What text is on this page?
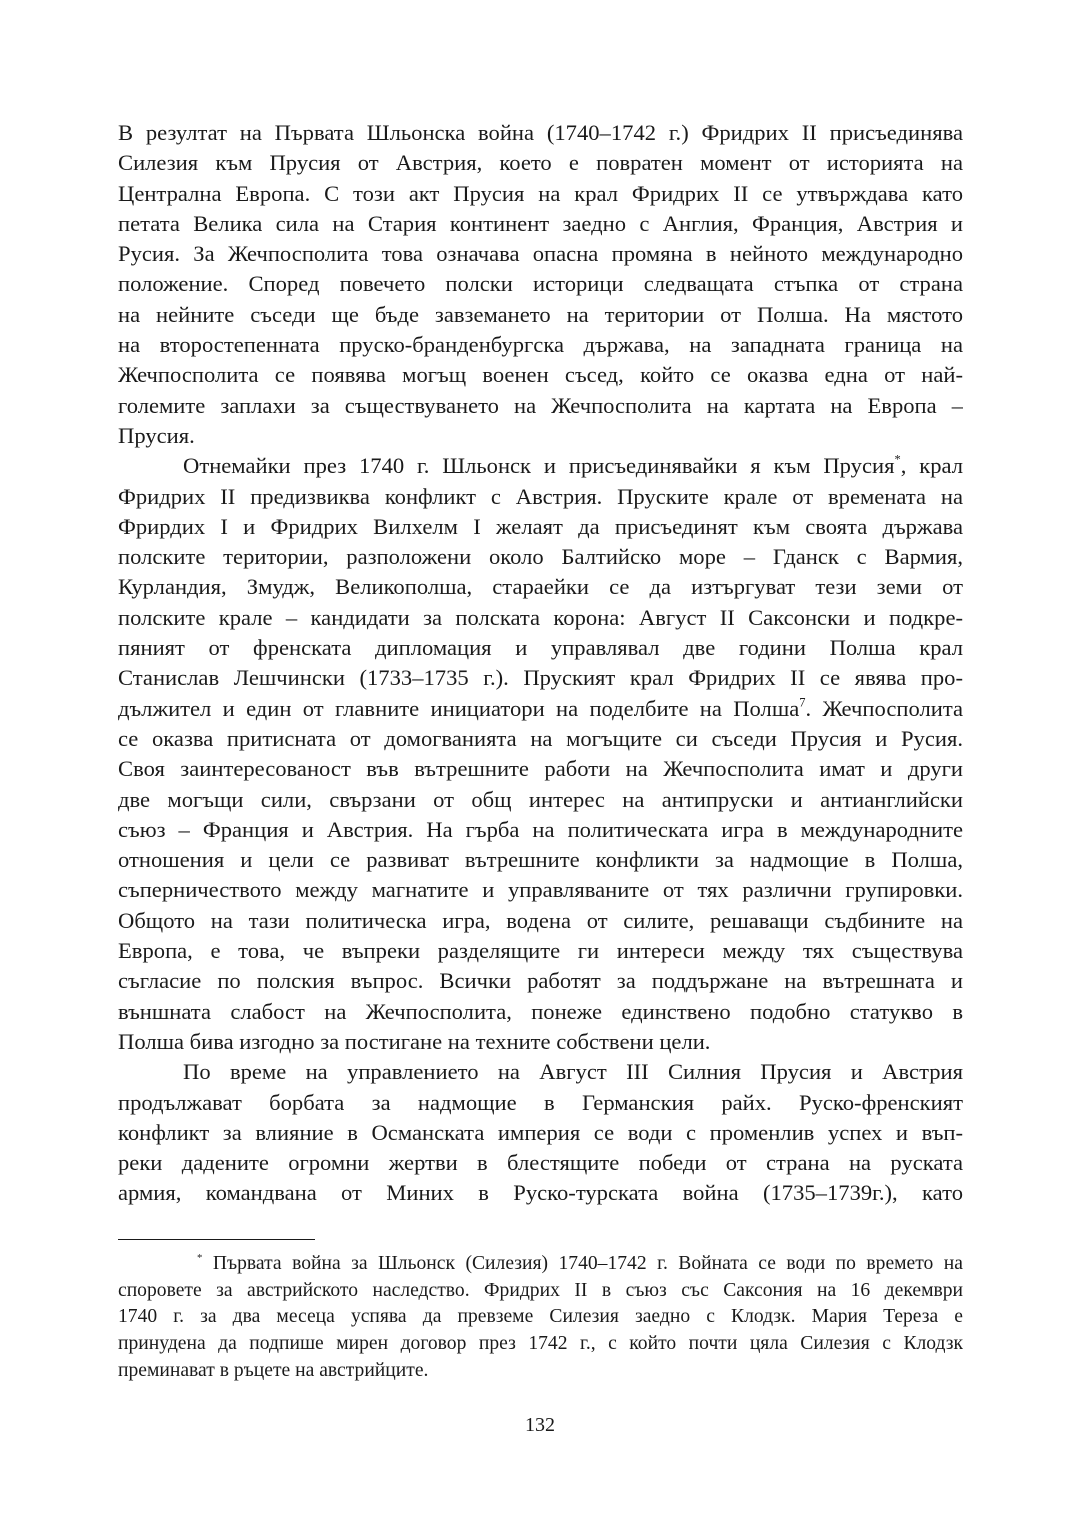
В резултат на Първата Шльонска война (1740–1742 г.) Фридрих II присъединява
Силезия към Прусия от Австрия, което е повратен момент от историята на
Централна Европа. С този акт Прусия на крал Фридрих II се утвърждава като
петата Велика сила на Стария континент заедно с Англия, Франция, Австрия и
Русия. За Жечпосполита това означава опасна промяна в нейното международно
положение. Според повечето полски историци следващата стъпка от страна
на нейните съседи ще бъде завземането на територии от Полша. На мястото
на второстепенната пруско-бранденбургска държава, на западната граница на
Жечпосполита се появява могъщ военен съсед, който се оказва една от най-
големите заплахи за съществуването на Жечпосполита на картата на Европа –
Прусия.
Отнемайки през 1740 г. Шльонск и присъединявайки я към Прусия*, крал
Фридрих II предизвиква конфликт с Австрия. Пруските крале от времената на
Фрирдих I и Фридрих Вилхелм I желаят да присъединят към своята държава
полските територии, разположени около Балтийско море – Гданск с Вармия,
Курландия, Змудж, Великополша, стараейки се да изтъргуват тези земи от
полските крале – кандидати за полската корона: Август II Саксонски и подкре-
пяният от френската дипломация и управлявал две години Полша крал
Станислав Лешчински (1733–1735 г.). Пруският крал Фридрих II се явява про-
дължител и един от главните инициатори на поделбите на Полша$^7$. Жечпосполита
се оказва притисната от домогванията на могъщите си съседи Прусия и Русия.
Своя заинтересованост във вътрешните работи на Жечпосполита имат и други
две могъщи сили, свързани от общ интерес на антипруски и антианглийски
съюз – Франция и Австрия. На гърба на политическата игра в международните
отношения и цели се развиват вътрешните конфликти за надмощие в Полша,
съперничеството между магнатите и управляваните от тях различни групировки.
Общото на тази политическа игра, водена от силите, решаващи съдбините на
Европа, е това, че въпреки разделящите ги интереси между тях съществува
съгласие по полския въпрос. Всички работят за поддържане на вътрешната и
външната слабост на Жечпосполита, понеже единствено подобно статукво в
Полша бива изгодно за постигане на техните собствени цели.
По време на управлението на Август III Силния Прусия и Австрия
продължават борбата за надмощие в Германския райх. Руско-френският
конфликт за влияние в Османската империя се води с променлив успех и въп-
реки дадените огромни жертви в блестящите победи от страна на руската
армия, командвана от Миних в Руско-турската война (1735–1739г.), като
* Първата война за Шльонск (Силезия) 1740–1742 г. Войната се води по времето на
споровете за австрийското наследство. Фридрих II в съюз със Саксония на 16 декември
1740 г. за два месеца успява да превземе Силезия заедно с Клодзк. Мария Тереза е
принудена да подпише мирен договор през 1742 г., с който почти цяла Силезия с Клодзк
преминават в ръцете на австрийците.
132
